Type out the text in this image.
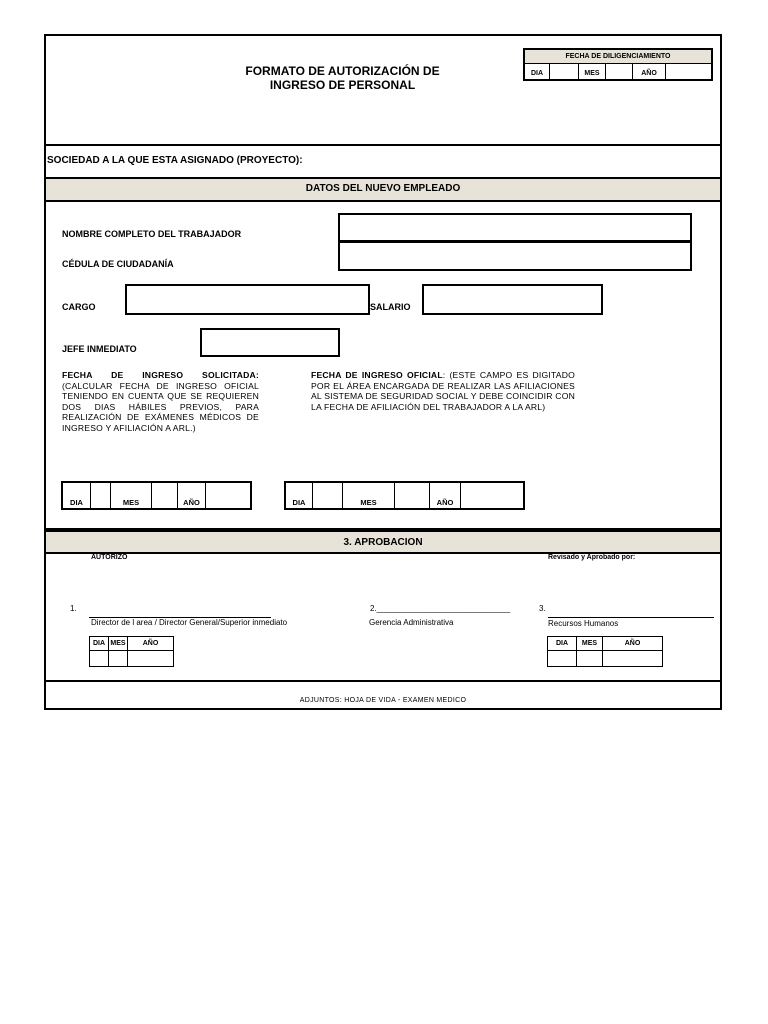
DATOS DEL NUEVO EMPLEADO
3. APROBACION
FORMATO DE AUTORIZACIÓN DE
INGRESO DE PERSONAL
FECHA DE DILIGENCIAMIENTO
DIA	MES	AÑO
SOCIEDAD A LA QUE ESTA ASIGNADO (PROYECTO):
NOMBRE COMPLETO DEL TRABAJADOR
CÉDULA DE CIUDADANÍA
CARGO	SALARIO
JEFE INMEDIATO
FECHA DE INGRESO SOLICITADA: (CALCULAR FECHA DE INGRESO OFICIAL TENIENDO EN CUENTA QUE SE REQUIEREN DOS DIAS HÁBILES PREVIOS, PARA REALIZACIÓN DE EXÁMENES MÉDICOS DE INGRESO Y AFILIACIÓN A ARL.)
FECHA DE INGRESO OFICIAL: (ESTE CAMPO ES DIGITADO POR EL ÁREA ENCARGADA DE REALIZAR LAS AFILIACIONES AL SISTEMA DE SEGURIDAD SOCIAL Y DEBE COINCIDIR CON LA FECHA DE AFILIACIÓN DEL TRABAJADOR A LA ARL)
DIA	MES	AÑO	DIA	MES	AÑO
AUTORIZÓ	Revisado y Aprobado por:
1.	2.______________________________	3.
Director de l area / Director General/Superior inmediato	Gerencia Administrativa	Recursos Humanos
DIA	MES	AÑO
			DIA	MES	AÑO

ADJUNTOS: HOJA DE VIDA - EXAMEN MEDICO
